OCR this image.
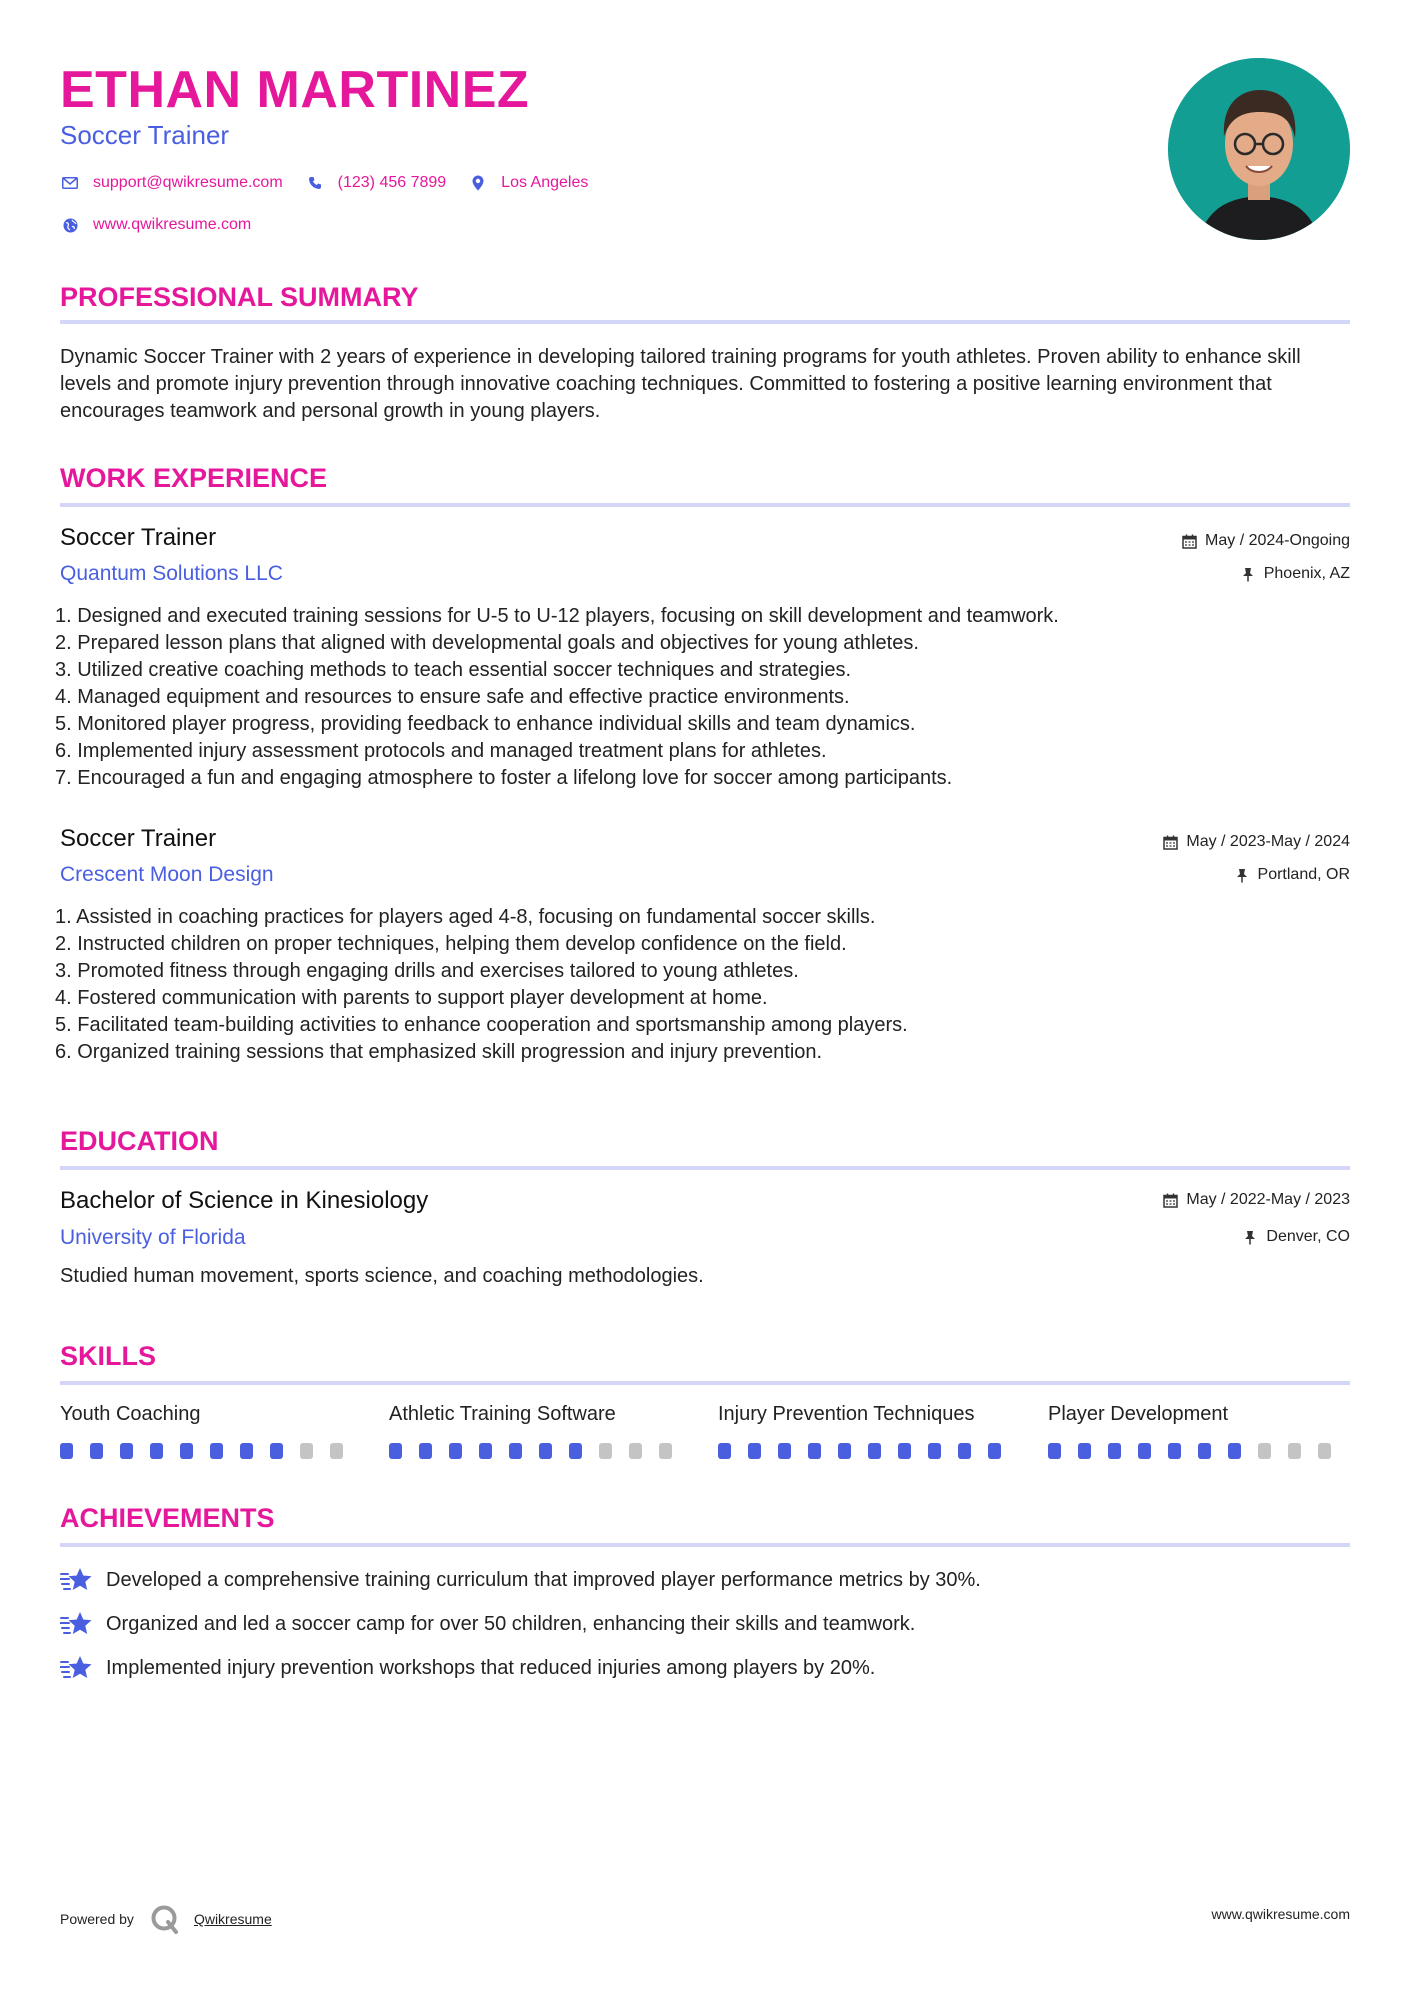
ETHAN MARTINEZ
Soccer Trainer
support@qwikresume.com	(123) 456 7899	Los Angeles
www.qwikresume.com
PROFESSIONAL SUMMARY
Dynamic Soccer Trainer with 2 years of experience in developing tailored training programs for youth athletes. Proven ability to enhance skill levels and promote injury prevention through innovative coaching techniques. Committed to fostering a positive learning environment that encourages teamwork and personal growth in young players.
WORK EXPERIENCE
Soccer Trainer
Quantum Solutions LLC
May / 2024-Ongoing
Phoenix, AZ
1. Designed and executed training sessions for U-5 to U-12 players, focusing on skill development and teamwork.
2. Prepared lesson plans that aligned with developmental goals and objectives for young athletes.
3. Utilized creative coaching methods to teach essential soccer techniques and strategies.
4. Managed equipment and resources to ensure safe and effective practice environments.
5. Monitored player progress, providing feedback to enhance individual skills and team dynamics.
6. Implemented injury assessment protocols and managed treatment plans for athletes.
7. Encouraged a fun and engaging atmosphere to foster a lifelong love for soccer among participants.
Soccer Trainer
Crescent Moon Design
May / 2023-May / 2024
Portland, OR
1. Assisted in coaching practices for players aged 4-8, focusing on fundamental soccer skills.
2. Instructed children on proper techniques, helping them develop confidence on the field.
3. Promoted fitness through engaging drills and exercises tailored to young athletes.
4. Fostered communication with parents to support player development at home.
5. Facilitated team-building activities to enhance cooperation and sportsmanship among players.
6. Organized training sessions that emphasized skill progression and injury prevention.
EDUCATION
Bachelor of Science in Kinesiology
University of Florida
May / 2022-May / 2023
Denver, CO
Studied human movement, sports science, and coaching methodologies.
SKILLS
Youth Coaching	Athletic Training Software	Injury Prevention Techniques	Player Development
ACHIEVEMENTS
Developed a comprehensive training curriculum that improved player performance metrics by 30%.
Organized and led a soccer camp for over 50 children, enhancing their skills and teamwork.
Implemented injury prevention workshops that reduced injuries among players by 20%.
Powered by	Qwikresume	www.qwikresume.com
